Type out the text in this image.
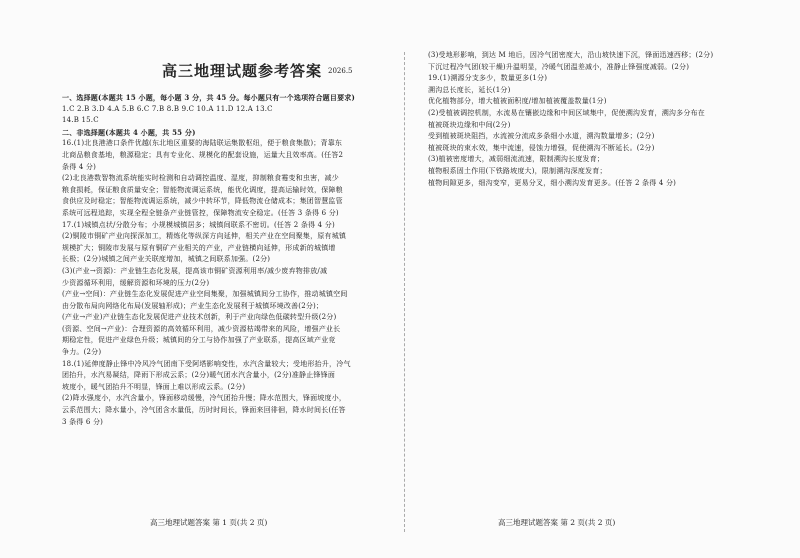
高三地理试题参考答案 2026.5
一、选择题(本题共 15 小题，每小题 3 分，共 45 分。每小题只有一个选项符合题目要求)
1.C 2.B 3.D 4.A 5.B 6.C 7.B 8.B 9.C 10.A 11.D 12.A 13.C
14.B 15.C
二、非选择题(本题共 4 小题，共 55 分)
16.(1)北良港港口条件优越(东北地区重要的海陆联运集散枢纽，便于粮食集散)；背靠东
北商品粮食基地，粮源稳定；具有专业化、规模化的配套设施，运量大且效率高。(任答2
条得 4 分)
(2)北良港数智物流系统能实时检测和自动调控温度、湿度，抑制粮食霉变和虫害，减少
粮食损耗，保证粮食质量安全；智能物流调运系统，能优化调度，提高运输时效，保障粮
食供应及时稳定；智能物流调运系统，减少中转环节，降低物流仓储成本；集团智慧监管
系统可远程追踪，实现全程全链条产业链管控，保障物流安全稳定。(任答 3 条得 6 分)
17.(1)城镇点状/分散分布；小规模城镇居多；城镇间联系不密切。(任答 2 条得 4 分)
(2)铜陵市铜矿产业向探深加工，精炼化等纵深方向延伸，相关产业在空间聚集，原有城镇
规模扩大；铜陵市发展与原有铜矿产业相关的产业，产业链横向延伸，形成新的城镇增
长极；(2分)城镇之间产业关联度增加，城镇之间联系加强。(2分)
(3)(产业→资源)：产业链生态化发展，提高该市铜矿资源利用率/减少废弃物排放/减
少资源循环利用，缓解资源和环境的压力(2分)
(产业→空间)：产业链生态化发展促进产业空间集聚，加强城镇间分工协作，推动城镇空间
由分散布局向网络化布局(发展轴形成)；产业生态化发展利于城镇环境改善(2分)；
(产业→产业)产业链生态化发展促进产业技术创新，利于产业向绿色低碳转型升级(2分)
(资源、空间→产业)：合理资源的高效循环利用，减少资源枯竭带来的风险，增强产业长
期稳定性，促进产业绿色升级；城镇间的分工与协作加强了产业联系，提高区域产业竞
争力。(2分)
18.(1)延伸度静止锋中冷风冷气团南下受阿塔影响变性，水汽含量较大；受地形抬升，冷气
团抬升，水汽易凝结，降雨下形成云系；(2分)暖气团水汽含量小，(2分)准静止锋锋面
坡度小，暖气团抬升不明显，锋面上难以形成云系。(2分)
(2)降水强度小，水汽含量小，锋面移动缓慢，冷气团抬升慢；降水范围大，锋面坡度小，
云系范围大；降水量小，冷气团含水量低，历时时间长，锋面来回徘徊，降水时间长(任答
3 条得 6 分)
(3)受地形影响，到达 M 地后，因冷气团密度大，沿山坡快速下沉，锋面迅速西移；(2分)
下沉过程冷气团(较干燥)升温明显，冷暖气团温差减小，准静止锋强度减弱。(2分)
19.(1)溯源分支多少，数量更多(1分)
溯沟总长度长，延长(1分)
优化植物部分，增大植被面积度/增加植被覆盖数量(1分)
(2)受植被调控机制，水流易在镶嵌边缘和中间区域集中，促使溯沟发育，溯沟多分布在
植被斑块边缘和中间(2分)
受到植被斑块阻挡，水流被分流成多条细小水道，溯沟数量增多；(2分)
植被斑块的束水效，集中流速，侵蚀力增强，促使溯沟不断延长。(2分)
(3)植被密度增大，减弱细流流速，限制溯沟长度发育；
植物根系固土作用(下铁路坡度大)，限制溯沟深度发育；
植物间隙更多，细沟变窄，更易分叉，细小溯沟发育更多。(任答 2 条得 4 分)
高三地理试题答案 第 1 页(共 2 页)	高三地理试题答案 第 2 页(共 2 页)
